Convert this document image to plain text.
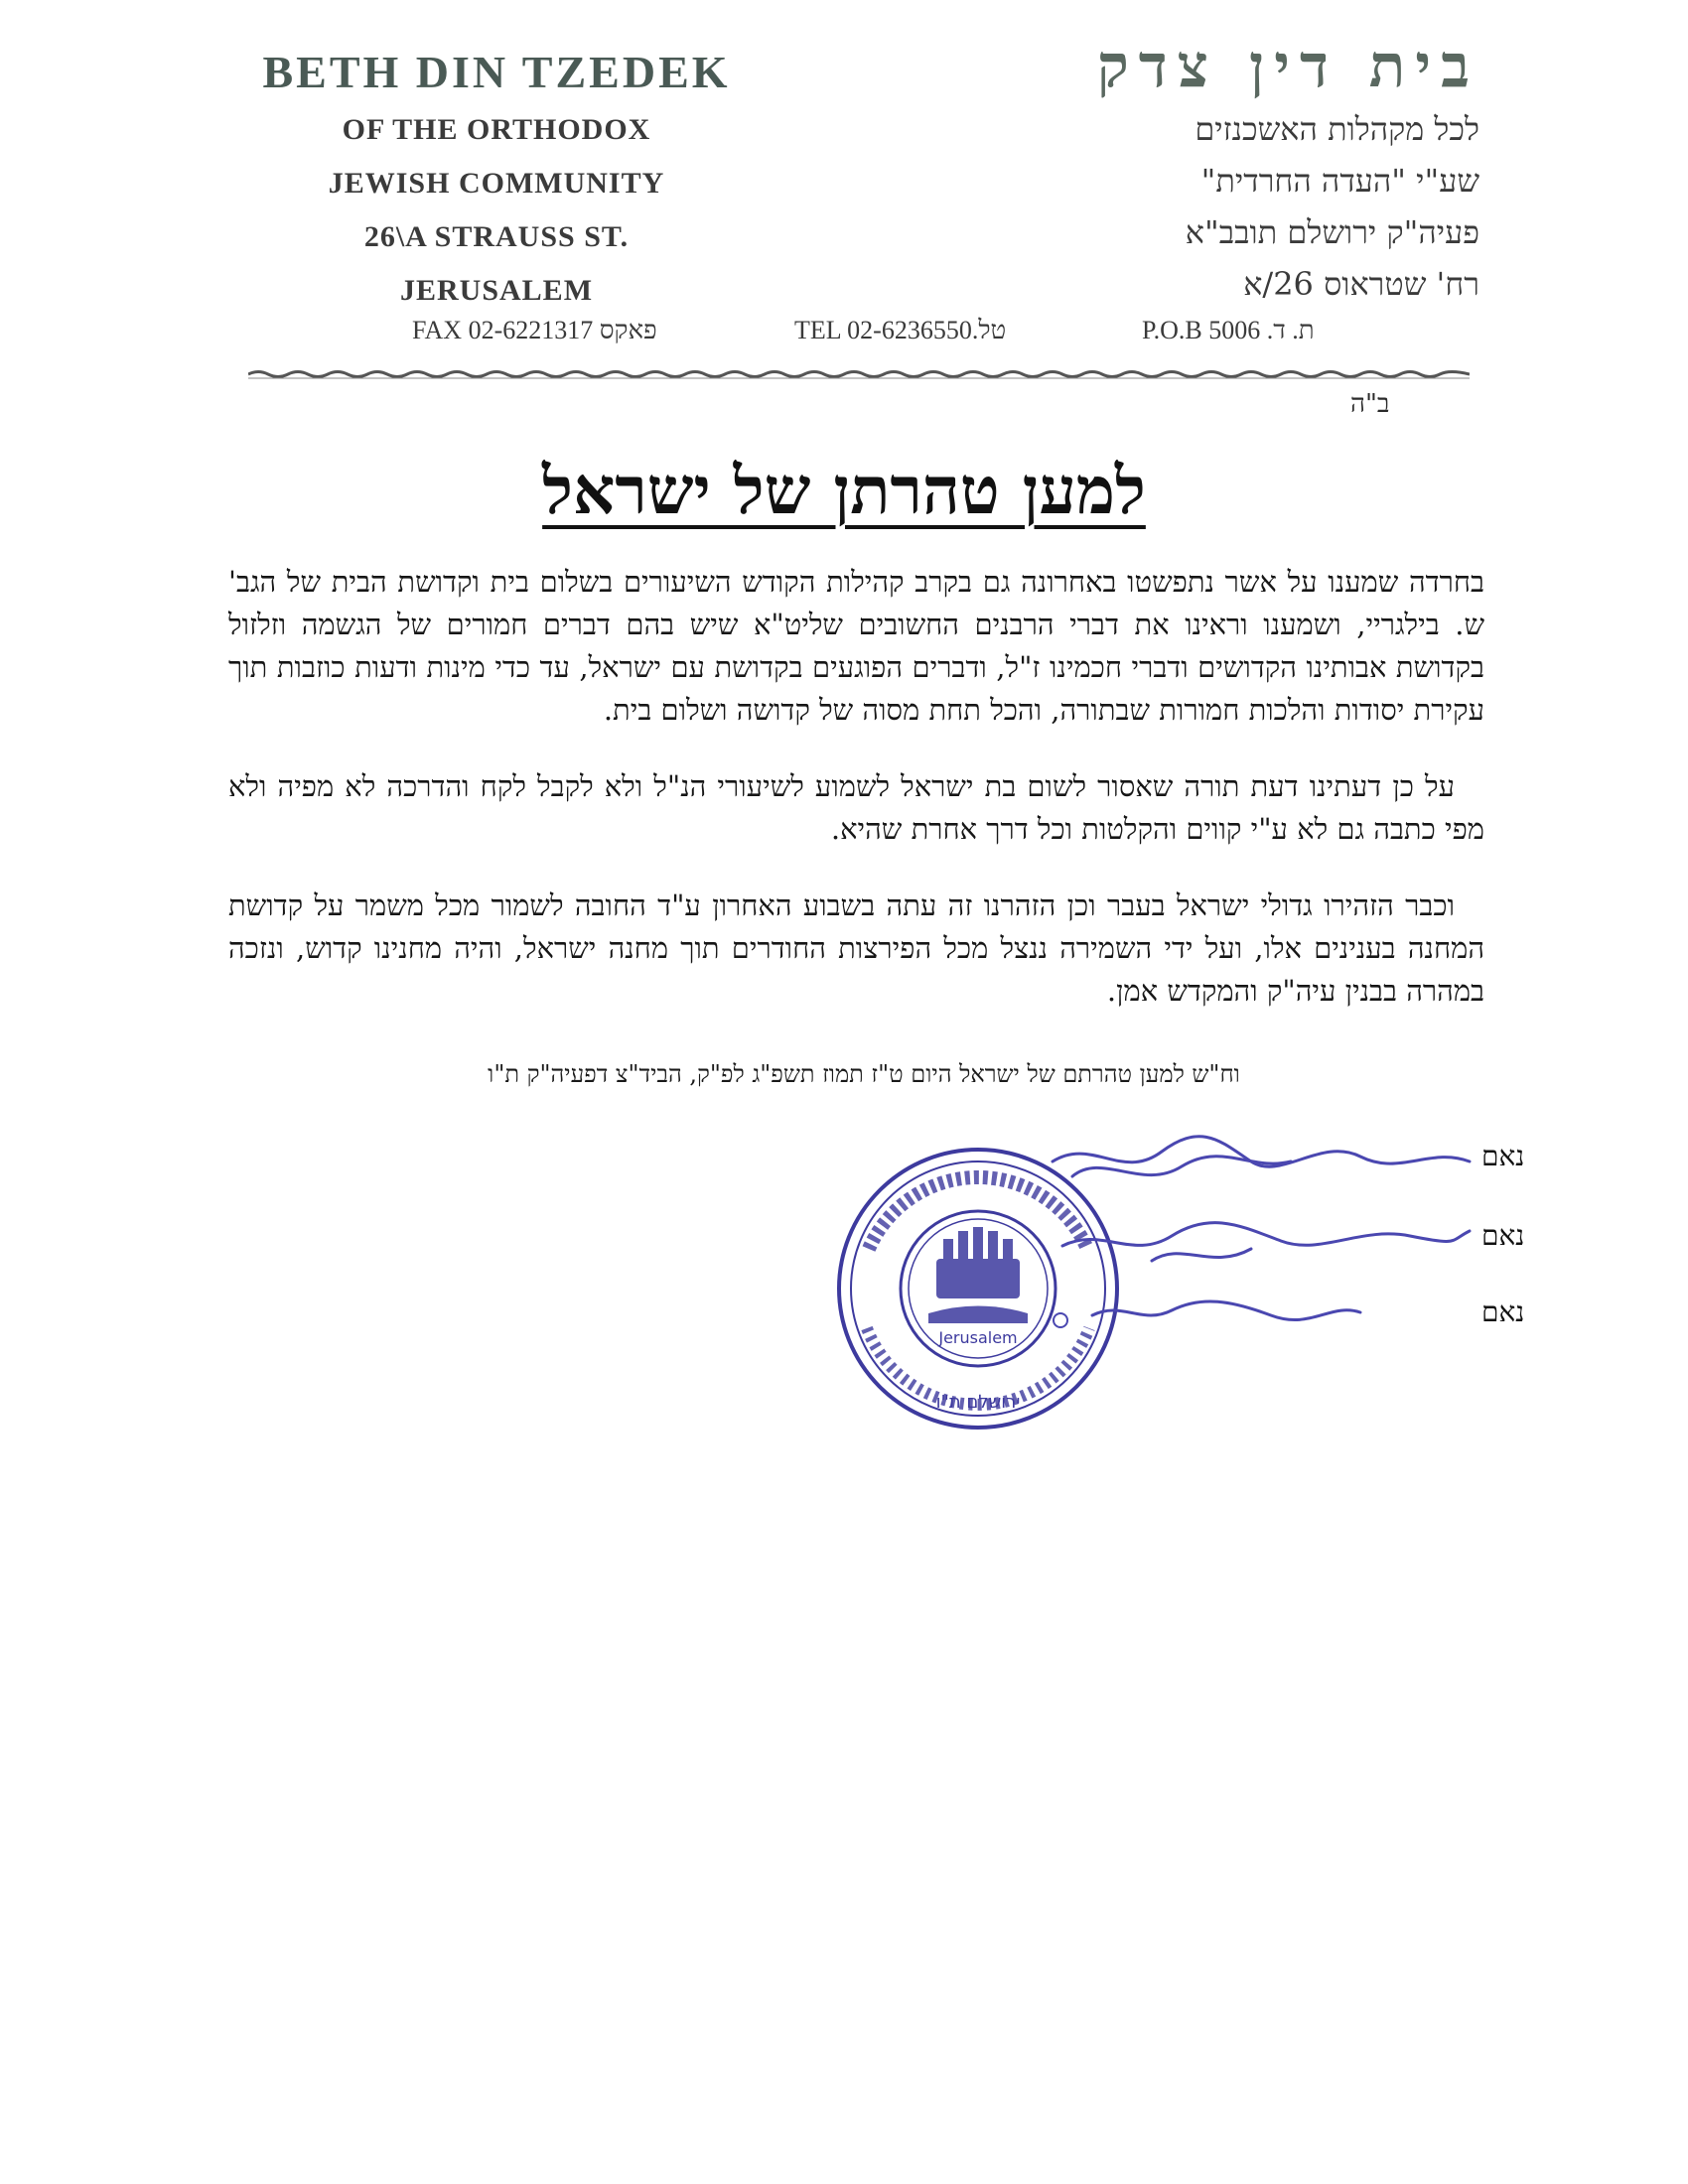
BETH DIN TZEDEK
OF THE ORTHODOX
JEWISH COMMUNITY
26\A STRAUSS ST.
JERUSALEM
בית דין צדק
לכל מקהלות האשכנזים
שע"י "העדה החרדית"
פעיה"ק ירושלם תובב"א
רח' שטראוס 26/א
FAX 02-6221317 פאקס	TEL 02-6236550.טל	P.O.B 5006 .ת. ד
ב"ה
למען טהרתן של ישראל

בחרדה שמענו על אשר נתפשטו באחרונה גם בקרב קהילות הקודש השיעורים בשלום בית וקדושת הבית של הגב' ש. בילגריי, ושמענו וראינו את דברי הרבנים החשובים שליט"א שיש בהם דברים חמורים של הגשמה וזלזול בקדושת אבותינו הקדושים ודברי חכמינו ז"ל, ודברים הפוגעים בקדושת עם ישראל, עד כדי מינות ודעות כוזבות תוך עקירת יסודות והלכות חמורות שבתורה, והכל תחת מסוה של קדושה ושלום בית.

על כן דעתינו דעת תורה שאסור לשום בת ישראל לשמוע לשיעורי הנ"ל ולא לקבל לקח והדרכה לא מפיה ולא מפי כתבה גם לא ע"י קווים והקלטות וכל דרך אחרת שהיא.

וכבר הזהירו גדולי ישראל בעבר וכן הזהרנו זה עתה בשבוע האחרון ע"ד החובה לשמור מכל משמר על קדושת המחנה בענינים אלו, ועל ידי השמירה ננצל מכל הפירצות החודרים תוך מחנה ישראל, והיה מחנינו קדוש, ונזכה במהרה בבנין עיה"ק והמקדש אמן.

וח"ש למען טהרתם של ישראל היום ט"ז תמוז תשפ"ג לפ"ק, הביד"צ דפעיה"ק ת"ו
נאם
נאם
נאם
Jerusalem
ירושלם ת"ו
